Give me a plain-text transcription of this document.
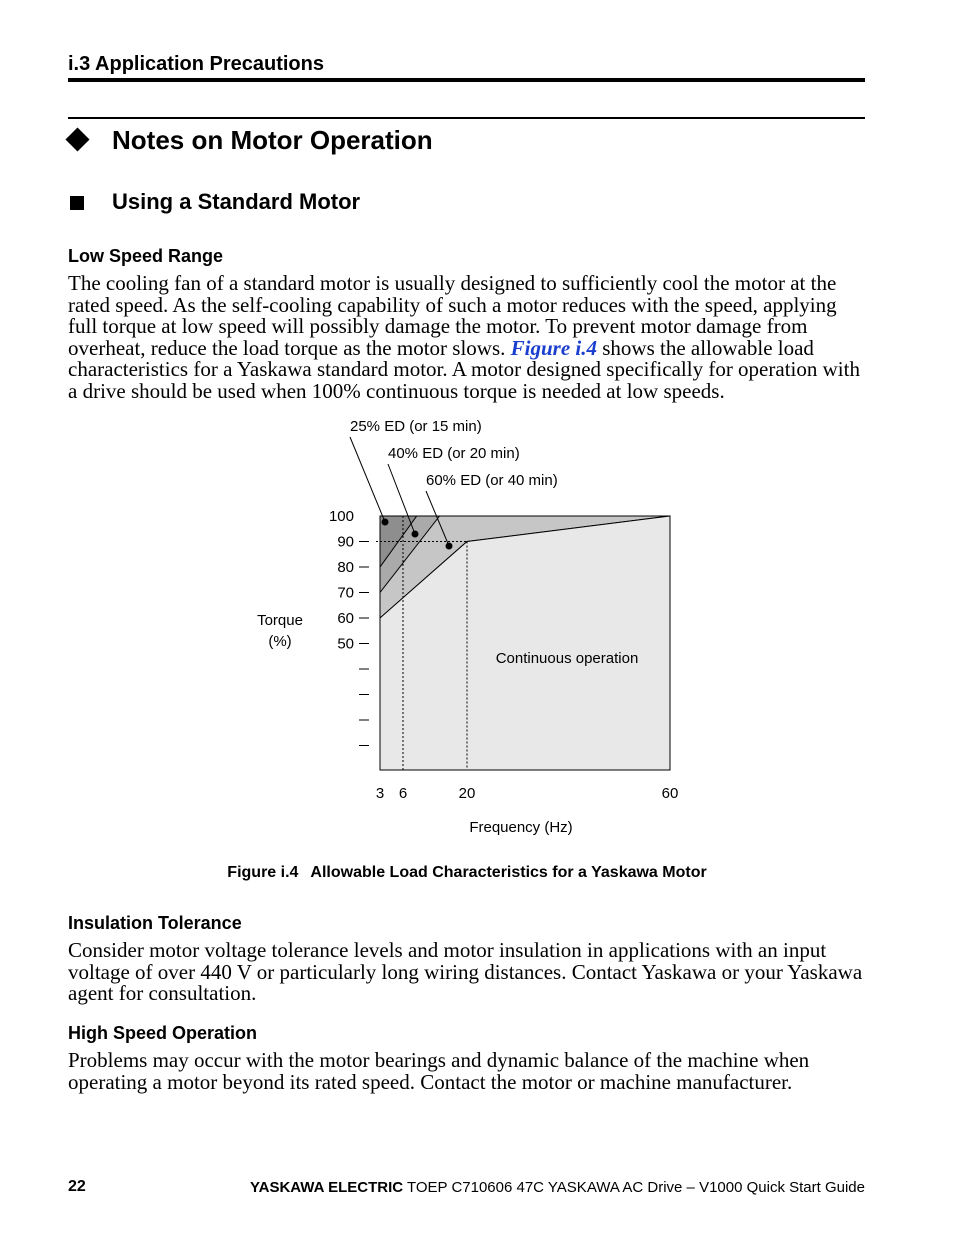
i.3 Application Precautions
Notes on Motor Operation
Using a Standard Motor
Low Speed Range
The cooling fan of a standard motor is usually designed to sufficiently cool the motor at the rated speed. As the self-cooling capability of such a motor reduces with the speed, applying full torque at low speed will possibly damage the motor. To prevent motor damage from overheat, reduce the load torque as the motor slows. Figure i.4 shows the allowable load characteristics for a Yaskawa standard motor. A motor designed specifically for operation with a drive should be used when 100% continuous torque is needed at low speeds.
100
90
80
70
60
50
3 6	20	60
Frequency (Hz)
Torque
(%)
25% ED (or 15 min)
40% ED (or 20 min)
60% ED (or 40 min)
Continuous operation
Figure i.4 Allowable Load Characteristics for a Yaskawa Motor
Insulation Tolerance
Consider motor voltage tolerance levels and motor insulation in applications with an input voltage of over 440 V or particularly long wiring distances. Contact Yaskawa or your Yaskawa agent for consultation.
High Speed Operation
Problems may occur with the motor bearings and dynamic balance of the machine when operating a motor beyond its rated speed. Contact the motor or machine manufacturer.
22	YASKAWA ELECTRIC TOEP C710606 47C YASKAWA AC Drive – V1000 Quick Start Guide
